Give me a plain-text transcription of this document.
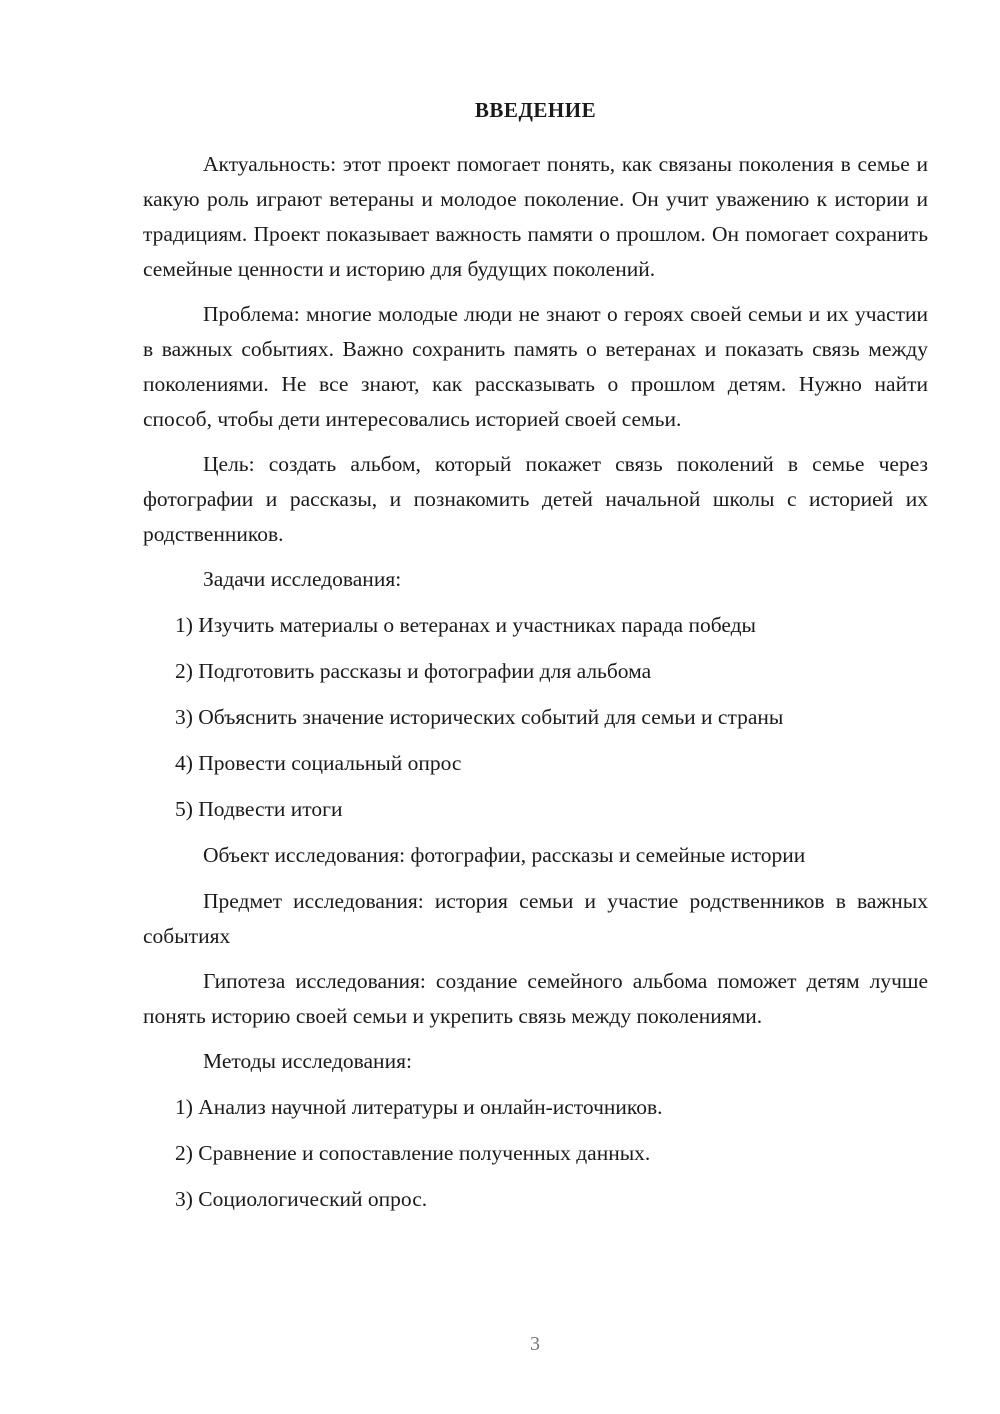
ВВЕДЕНИЕ

Актуальность: этот проект помогает понять, как связаны поколения в семье и какую роль играют ветераны и молодое поколение. Он учит уважению к истории и традициям. Проект показывает важность памяти о прошлом. Он помогает сохранить семейные ценности и историю для будущих поколений.

Проблема: многие молодые люди не знают о героях своей семьи и их участии в важных событиях. Важно сохранить память о ветеранах и показать связь между поколениями. Не все знают, как рассказывать о прошлом детям. Нужно найти способ, чтобы дети интересовались историей своей семьи.

Цель: создать альбом, который покажет связь поколений в семье через фотографии и рассказы, и познакомить детей начальной школы с историей их родственников.

Задачи исследования:

1) Изучить материалы о ветеранах и участниках парада победы
2) Подготовить рассказы и фотографии для альбома
3) Объяснить значение исторических событий для семьи и страны
4) Провести социальный опрос
5) Подвести итоги

Объект исследования: фотографии, рассказы и семейные истории

Предмет исследования: история семьи и участие родственников в важных событиях

Гипотеза исследования: создание семейного альбома поможет детям лучше понять историю своей семьи и укрепить связь между поколениями.

Методы исследования:

1) Анализ научной литературы и онлайн-источников.
2) Сравнение и сопоставление полученных данных.
3) Социологический опрос.
3
